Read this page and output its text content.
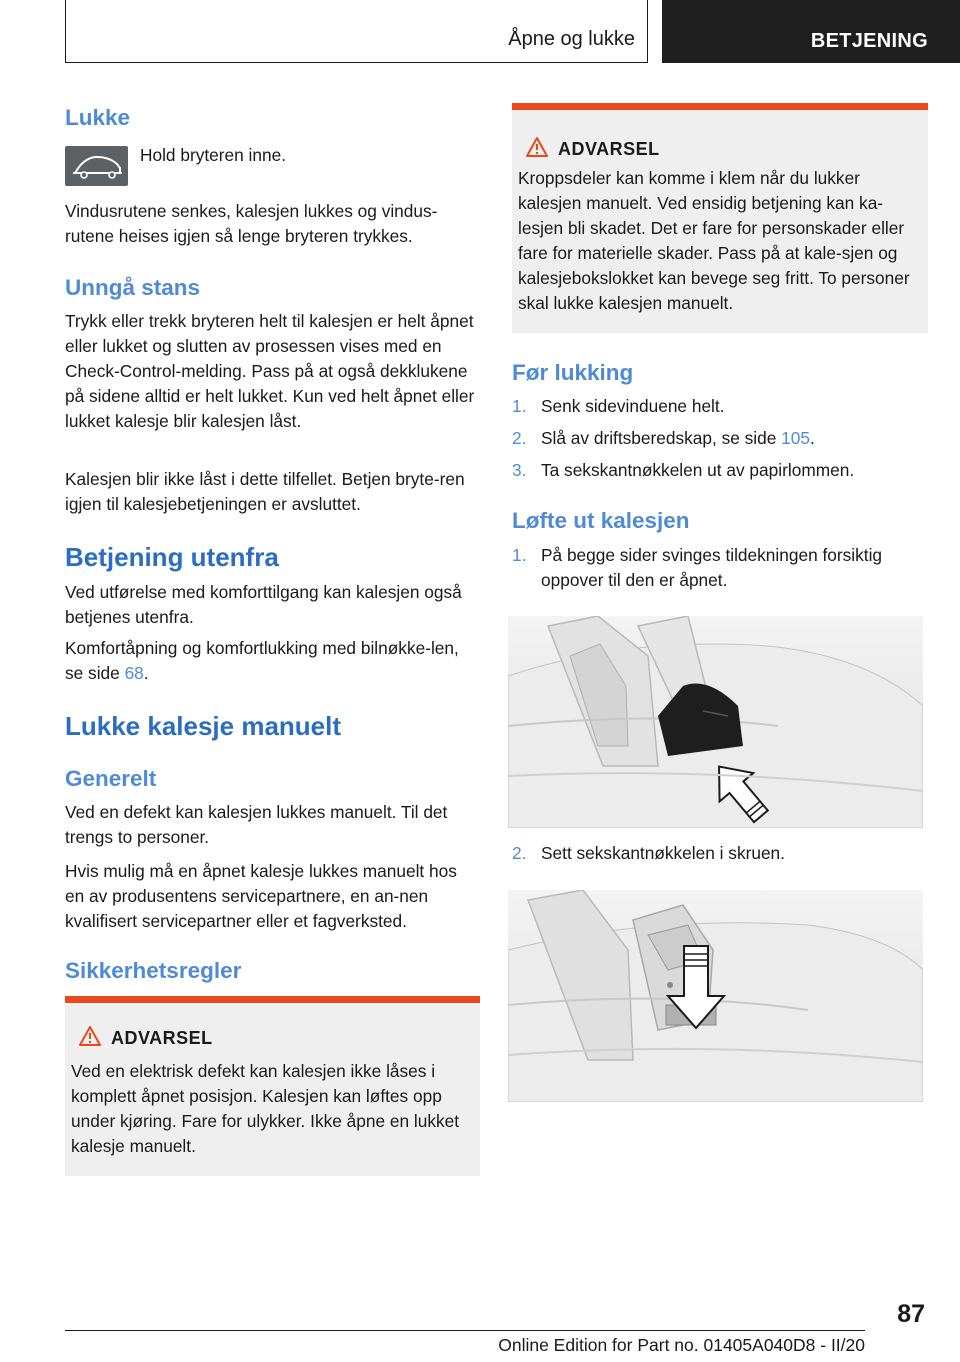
Åpne og lukke	BETJENING
Lukke

Hold bryteren inne.

Vindusrutene senkes, kalesjen lukkes og vindus-rutene heises igjen så lenge bryteren trykkes.

Unngå stans

Trykk eller trekk bryteren helt til kalesjen er helt åpnet eller lukket og slutten av prosessen vises med en Check-Control-melding. Pass på at også dekklukene på sidene alltid er helt lukket. Kun ved helt åpnet eller lukket kalesje blir kalesjen låst.

Kalesjen blir ikke låst i dette tilfellet. Betjen bryte-ren igjen til kalesjebetjeningen er avsluttet.

Betjening utenfra

Ved utførelse med komforttilgang kan kalesjen også betjenes utenfra.

Komfortåpning og komfortlukking med bilnøkke-len, se side 68.

Lukke kalesje manuelt
Generelt

Ved en defekt kan kalesjen lukkes manuelt. Til det trengs to personer.

Hvis mulig må en åpnet kalesje lukkes manuelt hos en av produsentens servicepartnere, en an-nen kvalifisert servicepartner eller et fagverksted.

Sikkerhetsregler
ADVARSEL

Ved en elektrisk defekt kan kalesjen ikke låses i komplett åpnet posisjon. Kalesjen kan løftes opp under kjøring. Fare for ulykker. Ikke åpne en lukket kalesje manuelt.

ADVARSEL

Kroppsdeler kan komme i klem når du lukker kalesjen manuelt. Ved ensidig betjening kan ka-lesjen bli skadet. Det er fare for personskader eller fare for materielle skader. Pass på at kale-sjen og kalesjebokslokket kan bevege seg fritt. To personer skal lukke kalesjen manuelt.

Før lukking
1. Senk sidevinduene helt.
2. Slå av driftsberedskap, se side 105.
3. Ta sekskantnøkkelen ut av papirlommen.
Løfte ut kalesjen
1. På begge sider svinges tildekningen forsiktig oppover til den er åpnet.
2. Sett sekskantnøkkelen i skruen.
87
Online Edition for Part no. 01405A040D8 - II/20
